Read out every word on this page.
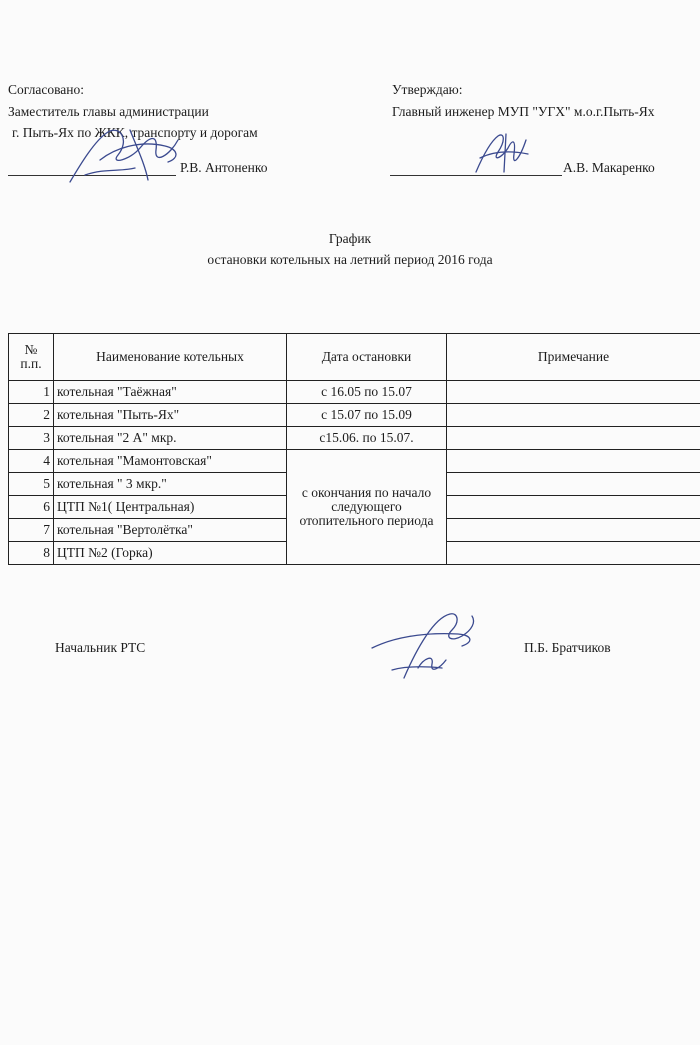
Согласовано:
Заместитель главы администрации
г. Пыть-Ях по ЖКК, транспорту и дорогам
Р.В. Антоненко
Утверждаю:
Главный инженер МУП "УГХ" м.о.г.Пыть-Ях
А.В. Макаренко
График
остановки котельных на летний период 2016 года
№
п.п.	Наименование котельных	Дата остановки	Примечание
1	котельная "Таёжная"	с 16.05 по 15.07	
2	котельная "Пыть-Ях"	с 15.07 по 15.09	
3	котельная "2 А" мкр.	с15.06. по 15.07.	
4	котельная "Мамонтовская"	с окончания по начало
следующего
отопительного периода	
5	котельная " 3 мкр."		
6	ЦТП №1( Центральная)		
7	котельная "Вертолётка"		
8	ЦТП №2 (Горка)		
Начальник РТС	П.Б. Братчиков
